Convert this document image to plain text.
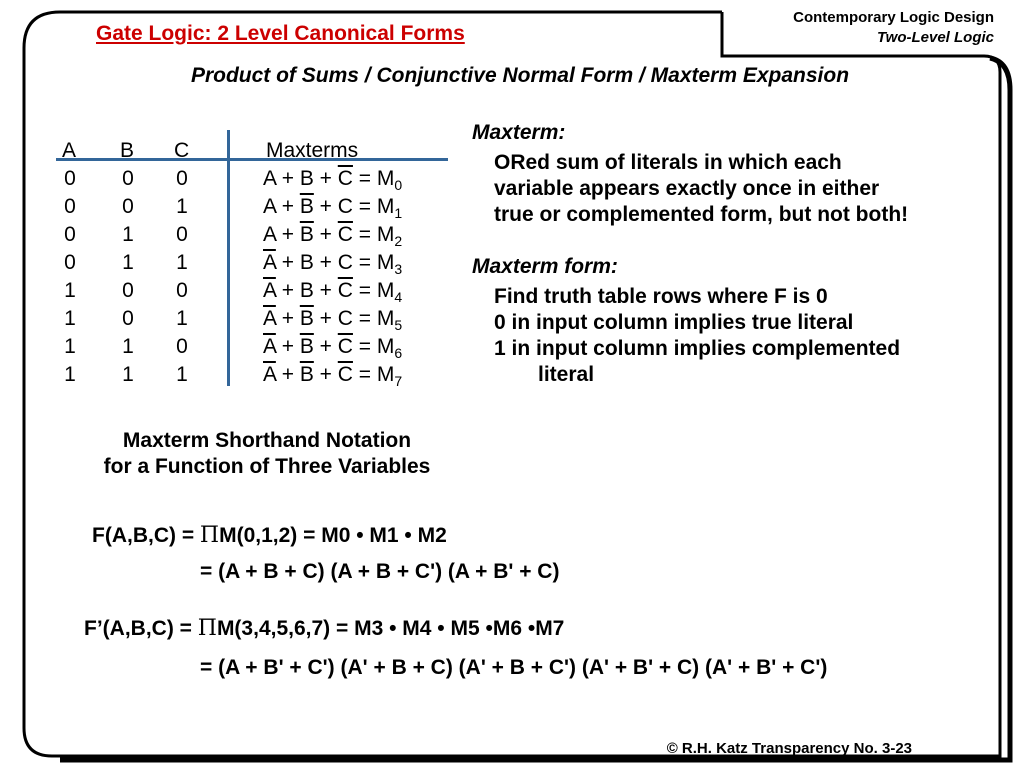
Gate Logic: 2 Level Canonical Forms
Contemporary Logic Design
Two-Level Logic
Product of Sums / Conjunctive Normal Form / Maxterm Expansion
A B C	Maxterms
0 0 0	$A + B + \overline{C} = M_0$
0 0 1	$A + \overline{B} + C = M_1$
0 1 0	$A + \overline{B} + \overline{C} = M_2$
0 1 1	$\overline{A} + B + C = M_3$
1 0 0	$\overline{A} + B + \overline{C} = M_4$
1 0 1	$\overline{A} + \overline{B} + C = M_5$
1 1 0	$\overline{A} + \overline{B} + \overline{C} = M_6$
1 1 1	$\overline{A} + \overline{B} + \overline{C} = M_7$
Maxterm:
ORed sum of literals in which each
variable appears exactly once in either
true or complemented form, but not both!
Maxterm form:
Find truth table rows where F is 0
0 in input column implies true literal
1 in input column implies complemented
literal
Maxterm Shorthand Notation
for a Function of Three Variables
F(A,B,C) = ΠM(0,1,2) = M0 • M1 • M2
= (A + B + C) (A + B + C') (A + B' + C)
F’(A,B,C) = ΠM(3,4,5,6,7) = M3 • M4 • M5 •M6 •M7
= (A + B' + C') (A' + B + C) (A' + B + C') (A' + B' + C) (A' + B' + C')
© R.H. Katz Transparency No. 3-23
